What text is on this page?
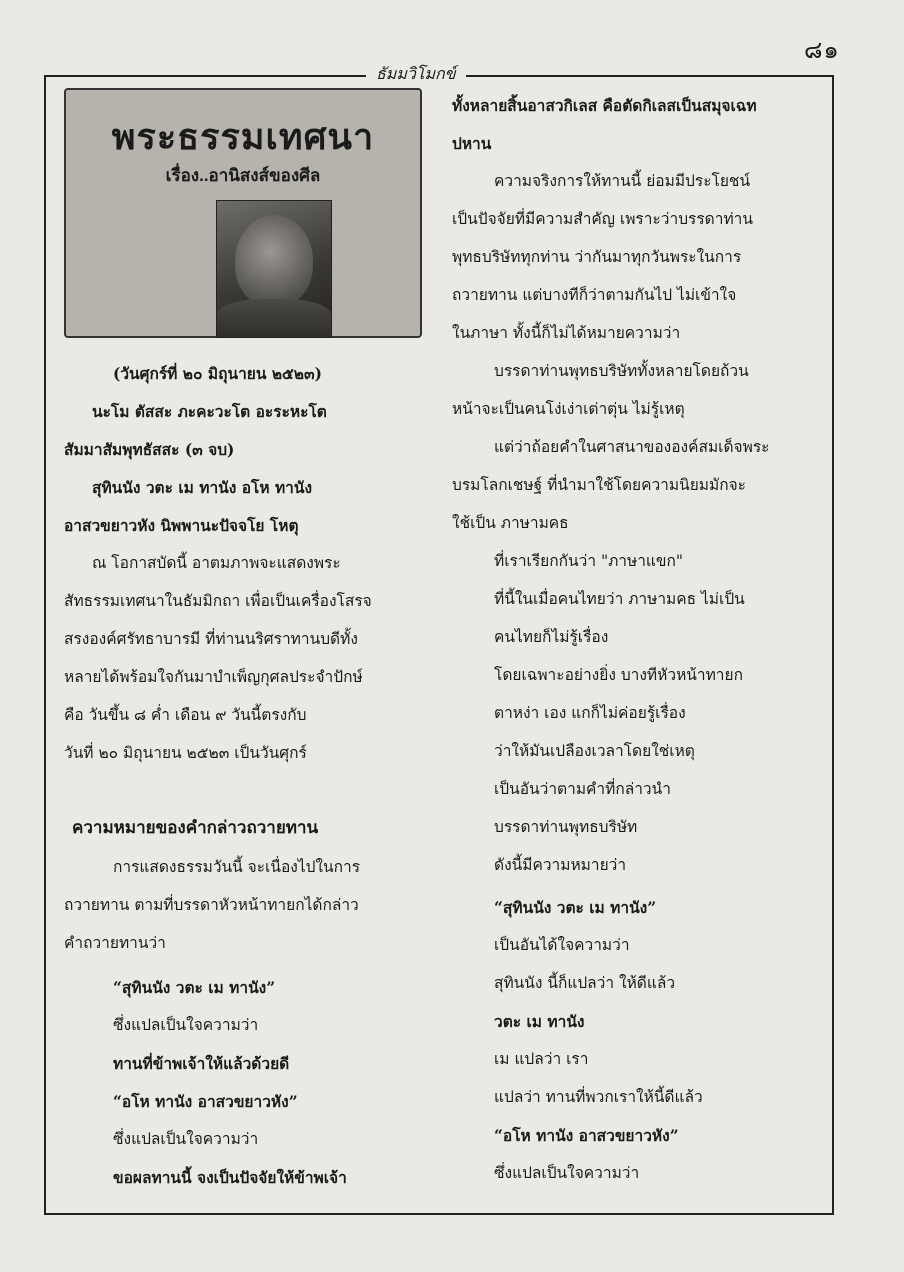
๘๑
ธัมมวิโมกข์
พระธรรมเทศนา
เรื่อง..อานิสงส์ของศีล
(วันศุกร์ที่ ๒๐ มิถุนายน ๒๕๒๓)
นะโม ตัสสะ ภะคะวะโต อะระหะโต
สัมมาสัมพุทธัสสะ (๓ จบ)
สุทินนัง วตะ เม ทานัง อโห ทานัง
อาสวขยาวหัง นิพพานะปัจจโย โหตุ
ณ โอกาสบัดนี้ อาตมภาพจะแสดงพระ
สัทธรรมเทศนาในธัมมิกถา เพื่อเป็นเครื่องโสรจ
สรงองค์ศรัทธาบารมี ที่ท่านนริศราทานบดีทั้ง
หลายได้พร้อมใจกันมาบำเพ็ญกุศลประจำปักษ์
คือ วันขึ้น ๘ ค่ำ เดือน ๙ วันนี้ตรงกับ
วันที่ ๒๐ มิถุนายน ๒๕๒๓ เป็นวันศุกร์
ความหมายของคำกล่าวถวายทาน
การแสดงธรรมวันนี้ จะเนื่องไปในการ
ถวายทาน ตามที่บรรดาหัวหน้าทายกได้กล่าว
คำถวายทานว่า
“สุทินนัง วตะ เม ทานัง”
ซึ่งแปลเป็นใจความว่า
ทานที่ข้าพเจ้าให้แล้วด้วยดี
“อโห ทานัง อาสวขยาวหัง”
ซึ่งแปลเป็นใจความว่า
ขอผลทานนี้ จงเป็นปัจจัยให้ข้าพเจ้า
ทั้งหลายสิ้นอาสวกิเลส คือตัดกิเลสเป็นสมุจเฉท
ปหาน
ความจริงการให้ทานนี้ ย่อมมีประโยชน์
เป็นปัจจัยที่มีความสำคัญ เพราะว่าบรรดาท่าน
พุทธบริษัททุกท่าน ว่ากันมาทุกวันพระในการ
ถวายทาน แต่บางทีก็ว่าตามกันไป ไม่เข้าใจ
ในภาษา ทั้งนี้ก็ไม่ได้หมายความว่า
บรรดาท่านพุทธบริษัททั้งหลายโดยถ้วน
หน้าจะเป็นคนโง่เง่าเต่าตุ่น ไม่รู้เหตุ
แต่ว่าถ้อยคำในศาสนาขององค์สมเด็จพระ
บรมโลกเชษฐ์ ที่นำมาใช้โดยความนิยมมักจะ
ใช้เป็น ภาษามคธ
ที่เราเรียกกันว่า "ภาษาแขก"
ที่นี้ในเมื่อคนไทยว่า ภาษามคธ ไม่เป็น
คนไทยก็ไม่รู้เรื่อง
โดยเฉพาะอย่างยิ่ง บางทีหัวหน้าทายก
ตาหง่า เอง แกก็ไม่ค่อยรู้เรื่อง
ว่าให้มันเปลืองเวลาโดยใช่เหตุ
เป็นอันว่าตามคำที่กล่าวนำ
บรรดาท่านพุทธบริษัท
ดังนี้มีความหมายว่า
“สุทินนัง วตะ เม ทานัง”
เป็นอันได้ใจความว่า
สุทินนัง นี้ก็แปลว่า ให้ดีแล้ว
วตะ เม ทานัง
เม แปลว่า เรา
แปลว่า ทานที่พวกเราให้นี้ดีแล้ว
“อโห ทานัง อาสวขยาวหัง”
ซึ่งแปลเป็นใจความว่า
